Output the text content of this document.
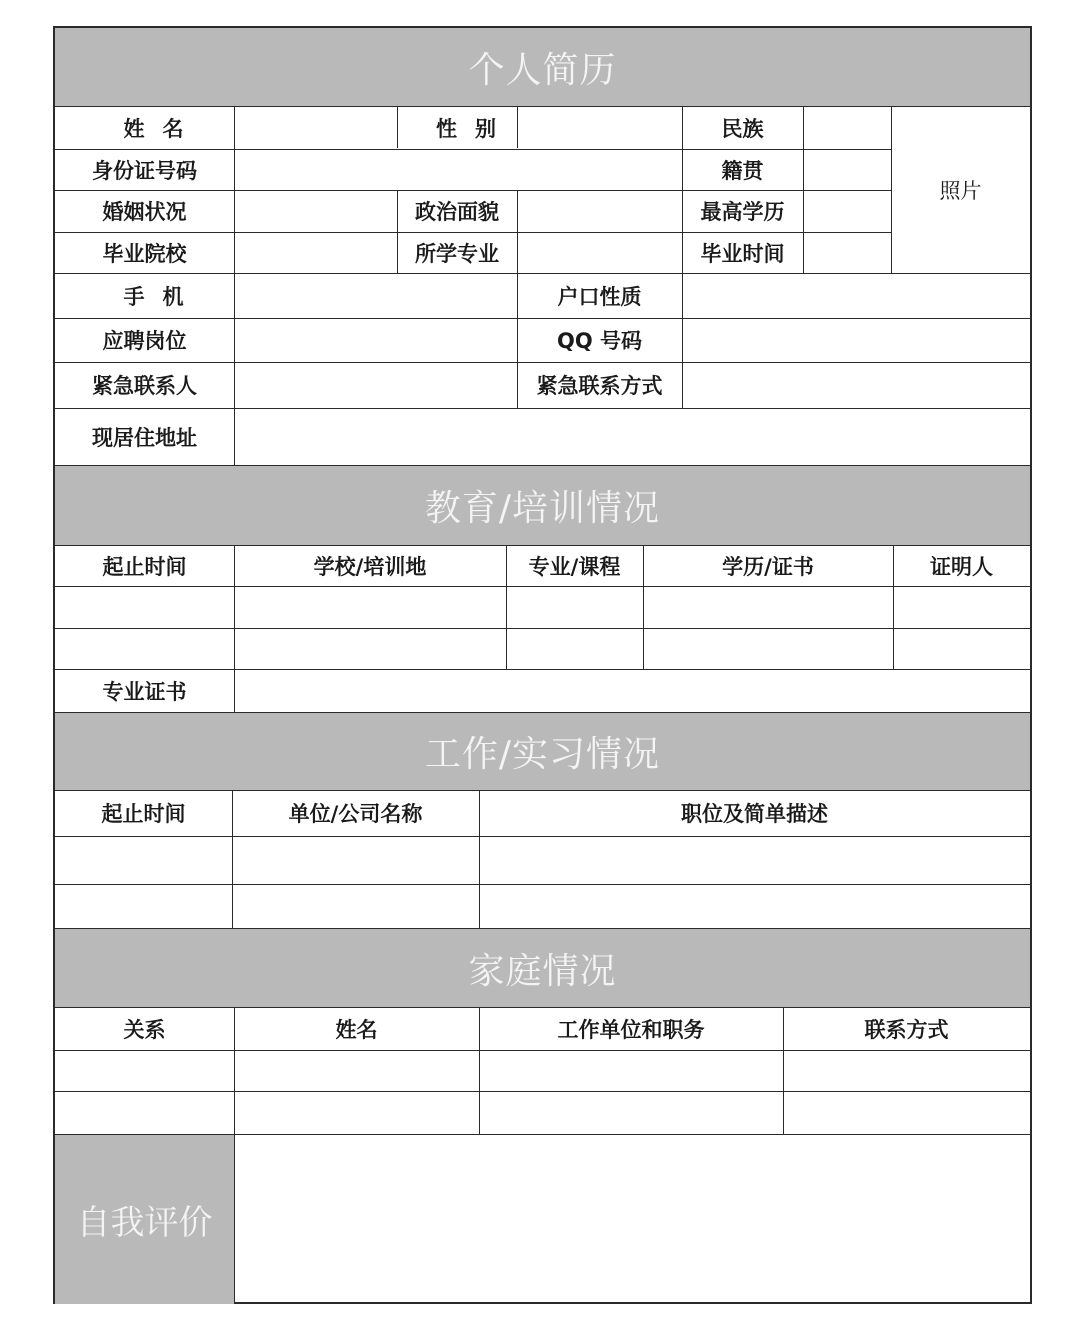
个人简历
姓名	性别	民族
照片
身份证号码	籍贯
婚姻状况	政治面貌	最高学历
毕业院校	所学专业	毕业时间
手机	户口性质
应聘岗位	QQ 号码
紧急联系人	紧急联系方式
现居住地址
教育/培训情况
起止时间	学校/培训地	专业/课程	学历/证书	证明人
专业证书
工作/实习情况
起止时间	单位/公司名称	职位及简单描述
家庭情况
关系	姓名	工作单位和职务	联系方式
自我评价
